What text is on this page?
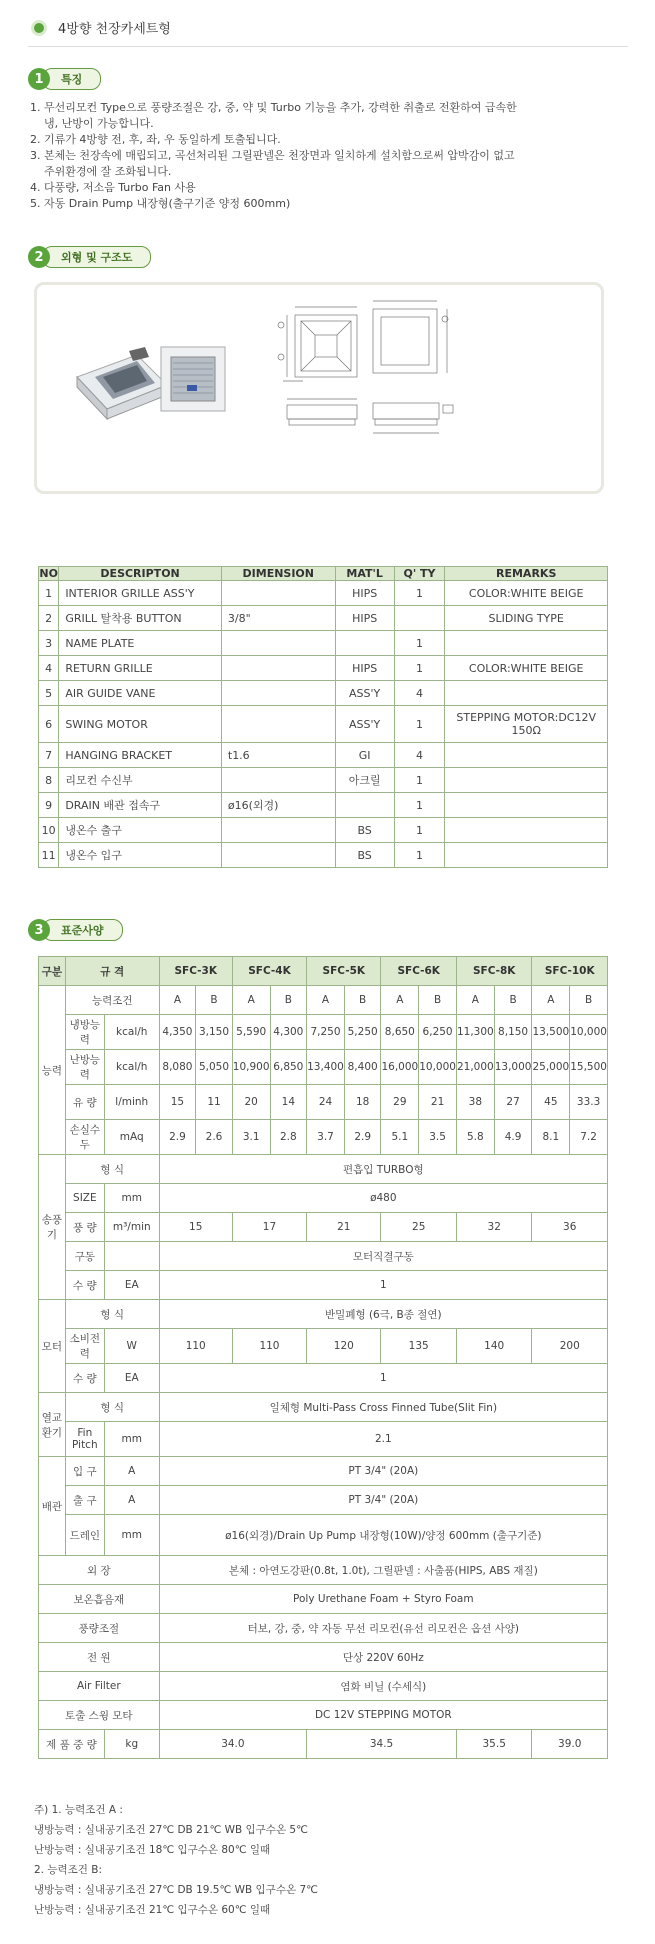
4방향 천장카세트형
1	특징
1. 무선리모컨 Type으로 풍량조절은 강, 중, 약 및 Turbo 기능을 추가, 강력한 취출로 전환하여 급속한
냉, 난방이 가능합니다.
2. 기류가 4방향 전, 후, 좌, 우 동일하게 토출됩니다.
3. 본체는 천장속에 매립되고, 곡선처리된 그릴판넬은 천장면과 일치하게 설치함으로써 압박감이 없고
주위환경에 잘 조화됩니다.
4. 다풍량, 저소음 Turbo Fan 사용
5. 자동 Drain Pump 내장형(출구기준 양정 600mm)
2	외형 및 구조도
NO	DESCRIPTON	DIMENSION	MAT'L	Q' TY	REMARKS
1	INTERIOR GRILLE ASS'Y		HIPS	1	COLOR:WHITE BEIGE
2	GRILL 탈착용 BUTTON	3/8"	HIPS		SLIDING TYPE
3	NAME PLATE			1	
4	RETURN GRILLE		HIPS	1	COLOR:WHITE BEIGE
5	AIR GUIDE VANE		ASS'Y	4	
6	SWING MOTOR		ASS'Y	1	STEPPING MOTOR:DC12V 150Ω
7	HANGING BRACKET	t1.6	GI	4	
8	리모컨 수신부		아크릴	1	
9	DRAIN 배관 접속구	ø16(외경)		1	
10	냉온수 출구		BS	1	
11	냉온수 입구		BS	1	
3	표준사양
구분	규 격		SFC-3K		SFC-4K		SFC-5K		SFC-6K		SFC-8K		SFC-10K	
능력	능력조건		A	B	A	B	A	B	A	B	A	B	A	B
	냉방능력	kcal/h	4,350	3,150	5,590	4,300	7,250	5,250	8,650	6,250	11,300	8,150	13,500	10,000
	난방능력	kcal/h	8,080	5,050	10,900	6,850	13,400	8,400	16,000	10,000	21,000	13,000	25,000	15,500
	유 량	l/minh	15	11	20	14	24	18	29	21	38	27	45	33.3
	손실수두	mAq	2.9	2.6	3.1	2.8	3.7	2.9	5.1	3.5	5.8	4.9	8.1	7.2
송풍기	형 식		편흡입 TURBO형											
	SIZE	mm	ø480											
	풍 량	m³/min	15		17		21		25		32		36	
	구동		모터직결구동											
	수 량	EA	1											
모터	형 식		반밀폐형 (6극, B종 절연)											
	소비전력	W	110		110		120		135		140		200	
	수 량	EA	1											
열교환기	형 식		일체형 Multi-Pass Cross Finned Tube(Slit Fin)											
	Fin Pitch	mm	2.1											
배관	입 구	A	PT 3/4" (20A)											
	출 구	A	PT 3/4" (20A)											
	드레인	mm	ø16(외경)/Drain Up Pump 내장형(10W)/양정 600mm (출구기준)											
외 장			본체 : 아연도강판(0.8t, 1.0t), 그릴판넬 : 사출품(HIPS, ABS 재질)											
보온흡음재			Poly Urethane Foam + Styro Foam											
풍량조절			터보, 강, 중, 약 자동 무선 리모컨(유선 리모컨은 옵션 사양)											
전 원			단상 220V 60Hz											
Air Filter			염화 비닐 (수세식)											
토출 스윙 모타			DC 12V STEPPING MOTOR											
제 품 중 량		kg	34.0				34.5				35.5		39.0	
주) 1. 능력조건 A :
냉방능력 : 실내공기조건 27℃ DB 21℃ WB 입구수온 5℃
난방능력 : 실내공기조건 18℃ 입구수온 80℃ 일때
2. 능력조건 B:
냉방능력 : 실내공기조건 27℃ DB 19.5℃ WB 입구수온 7℃
난방능력 : 실내공기조건 21℃ 입구수온 60℃ 일때
